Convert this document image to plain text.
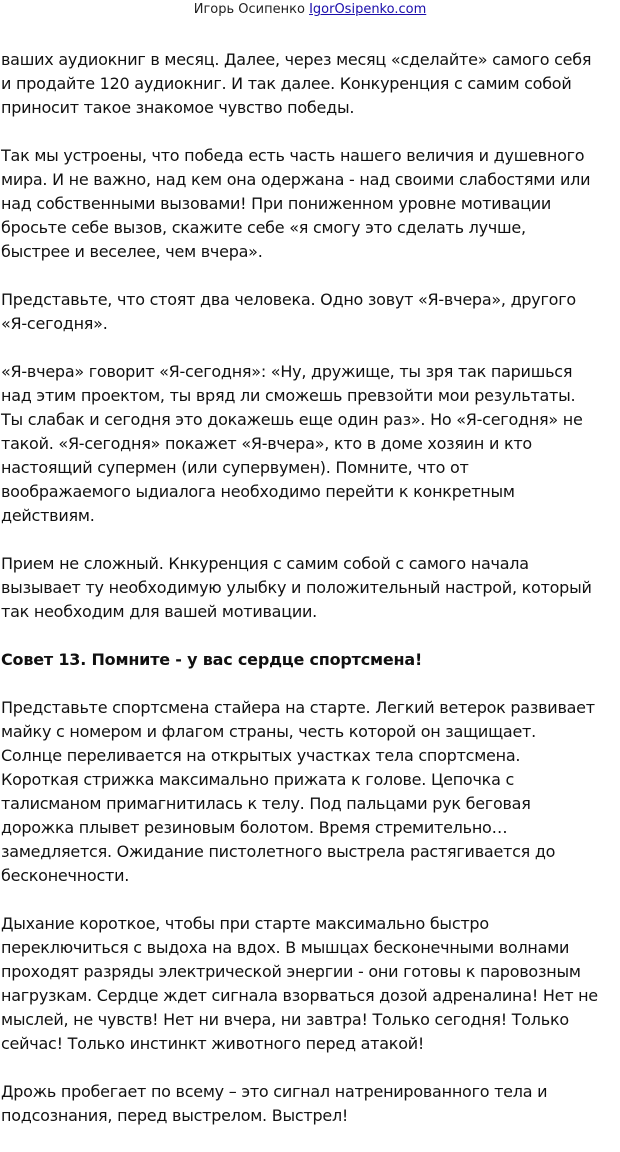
Игорь Осипенко IgorOsipenko.com
ваших аудиокниг в месяц. Далее, через месяц «сделайте» самого себя
и продайте 120 аудиокниг. И так далее. Конкуренция с самим собой
приносит такое знакомое чувство победы.
Так мы устроены, что победа есть часть нашего величия и душевного
мира. И не важно, над кем она одержана - над своими слабостями или
над собственными вызовами! При пониженном уровне мотивации
бросьте себе вызов, скажите себе «я смогу это сделать лучше,
быстрее и веселее, чем вчера».
Представьте, что стоят два человека. Одно зовут «Я-вчера», другого
«Я-сегодня».
«Я-вчера» говорит «Я-сегодня»: «Ну, дружище, ты зря так паришься
над этим проектом, ты вряд ли сможешь превзойти мои результаты.
Ты слабак и сегодня это докажешь еще один раз». Но «Я-сегодня» не
такой. «Я-сегодня» покажет «Я-вчера», кто в доме хозяин и кто
настоящий супермен (или супервумен). Помните, что от
воображаемого ыдиалога необходимо перейти к конкретным
действиям.
Прием не сложный. Кнкуренция с самим собой с самого начала
вызывает ту необходимую улыбку и положительный настрой, который
так необходим для вашей мотивации.
Совет 13. Помните - у вас сердце спортсмена!
Представьте спортсмена стайера на старте. Легкий ветерок развивает
майку с номером и флагом страны, честь которой он защищает.
Солнце переливается на открытых участках тела спортсмена.
Короткая стрижка максимально прижата к голове. Цепочка с
талисманом примагнитилась к телу. Под пальцами рук беговая
дорожка плывет резиновым болотом. Время стремительно…
замедляется. Ожидание пистолетного выстрела растягивается до
бесконечности.
Дыхание короткое, чтобы при старте максимально быстро
переключиться с выдоха на вдох. В мышцах бесконечными волнами
проходят разряды электрической энергии - они готовы к паровозным
нагрузкам. Сердце ждет сигнала взорваться дозой адреналина! Нет не
мыслей, не чувств! Нет ни вчера, ни завтра! Только сегодня! Только
сейчас! Только инстинкт животного перед атакой!
Дрожь пробегает по всему – это сигнал натренированного тела и
подсознания, перед выстрелом. Выстрел!
